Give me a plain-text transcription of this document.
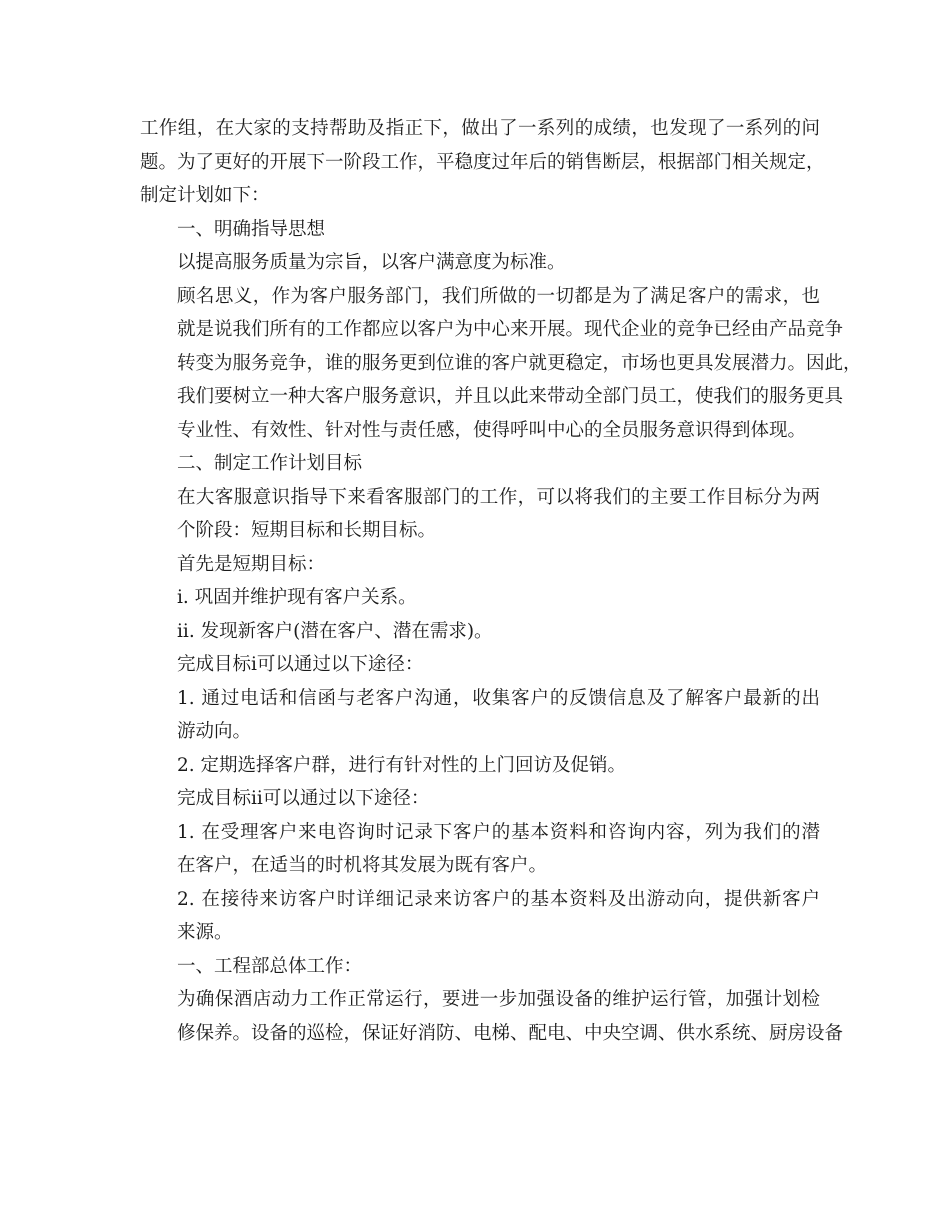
工作组，在大家的支持帮助及指正下，做出了一系列的成绩，也发现了一系列的问
题。为了更好的开展下一阶段工作，平稳度过年后的销售断层，根据部门相关规定，
制定计划如下：
一、明确指导思想
以提高服务质量为宗旨，以客户满意度为标准。
顾名思义，作为客户服务部门，我们所做的一切都是为了满足客户的需求，也
就是说我们所有的工作都应以客户为中心来开展。现代企业的竞争已经由产品竞争
转变为服务竞争，谁的服务更到位谁的客户就更稳定，市场也更具发展潜力。因此，
我们要树立一种大客户服务意识，并且以此来带动全部门员工，使我们的服务更具
专业性、有效性、针对性与责任感，使得呼叫中心的全员服务意识得到体现。
二、制定工作计划目标
在大客服意识指导下来看客服部门的工作，可以将我们的主要工作目标分为两
个阶段：短期目标和长期目标。
首先是短期目标：
i. 巩固并维护现有客户关系。
ii. 发现新客户(潜在客户、潜在需求)。
完成目标i可以通过以下途径：
1. 通过电话和信函与老客户沟通，收集客户的反馈信息及了解客户最新的出
游动向。
2. 定期选择客户群，进行有针对性的上门回访及促销。
完成目标ii可以通过以下途径：
1. 在受理客户来电咨询时记录下客户的基本资料和咨询内容，列为我们的潜
在客户，在适当的时机将其发展为既有客户。
2. 在接待来访客户时详细记录来访客户的基本资料及出游动向，提供新客户
来源。
一、工程部总体工作：
为确保酒店动力工作正常运行，要进一步加强设备的维护运行管，加强计划检
修保养。设备的巡检，保证好消防、电梯、配电、中央空调、供水系统、厨房设备
